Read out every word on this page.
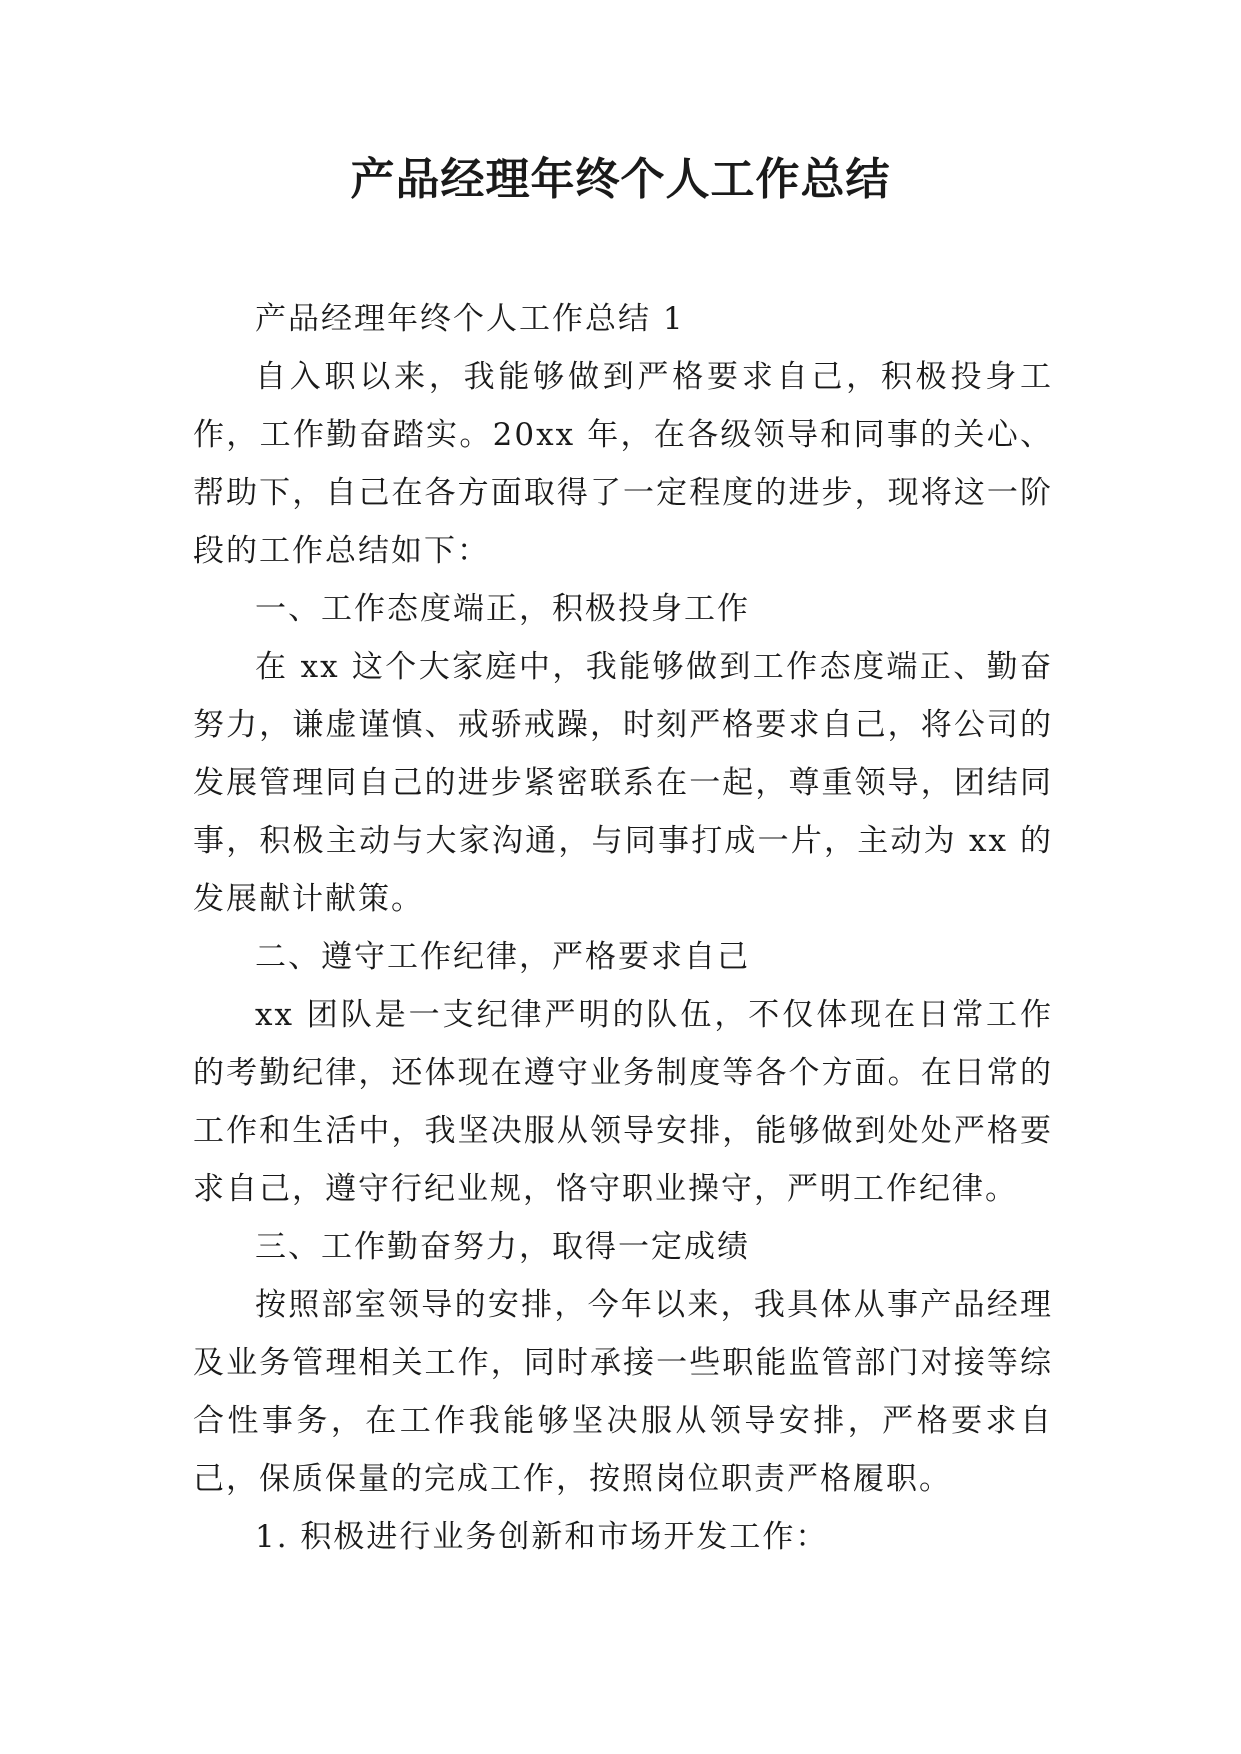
产品经理年终个人工作总结

产品经理年终个人工作总结 1

自入职以来，我能够做到严格要求自己，积极投身工作，工作勤奋踏实。20xx 年，在各级领导和同事的关心、帮助下，自己在各方面取得了一定程度的进步，现将这一阶段的工作总结如下：

一、工作态度端正，积极投身工作

在 xx 这个大家庭中，我能够做到工作态度端正、勤奋努力，谦虚谨慎、戒骄戒躁，时刻严格要求自己，将公司的发展管理同自己的进步紧密联系在一起，尊重领导，团结同事，积极主动与大家沟通，与同事打成一片，主动为 xx 的发展献计献策。

二、遵守工作纪律，严格要求自己

xx 团队是一支纪律严明的队伍，不仅体现在日常工作的考勤纪律，还体现在遵守业务制度等各个方面。在日常的工作和生活中，我坚决服从领导安排，能够做到处处严格要求自己，遵守行纪业规，恪守职业操守，严明工作纪律。

三、工作勤奋努力，取得一定成绩

按照部室领导的安排，今年以来，我具体从事产品经理及业务管理相关工作，同时承接一些职能监管部门对接等综合性事务，在工作我能够坚决服从领导安排，严格要求自己，保质保量的完成工作，按照岗位职责严格履职。

1. 积极进行业务创新和市场开发工作：
